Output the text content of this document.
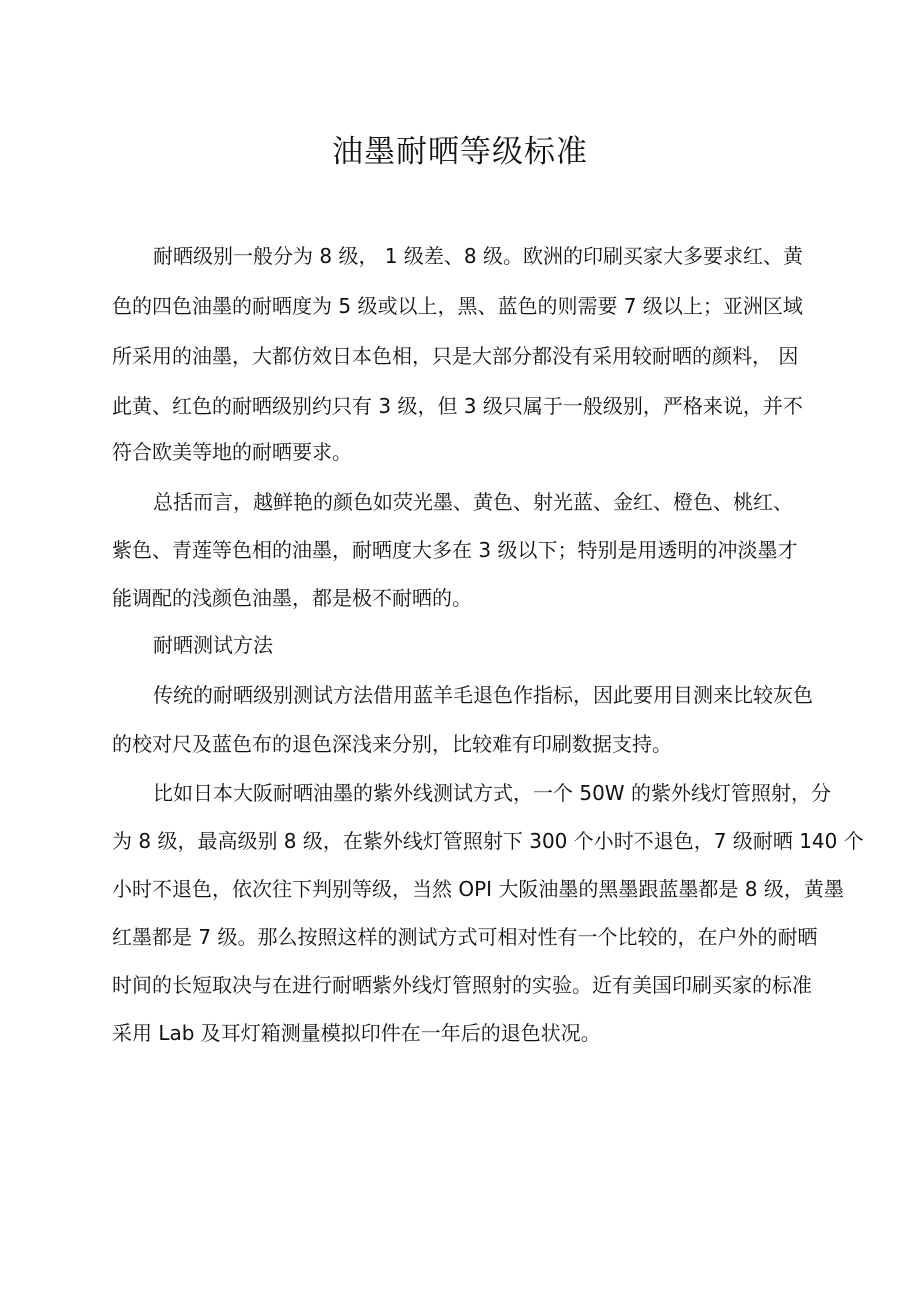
油墨耐晒等级标准

耐晒级别一般分为 8 级， 1 级差、8 级。欧洲的印刷买家大多要求红、黄

色的四色油墨的耐晒度为 5 级或以上，黑、蓝色的则需要 7 级以上；亚洲区域

所采用的油墨，大都仿效日本色相，只是大部分都没有采用较耐晒的颜料， 因

此黄、红色的耐晒级别约只有 3 级，但 3 级只属于一般级别，严格来说，并不

符合欧美等地的耐晒要求。

总括而言，越鲜艳的颜色如荧光墨、黄色、射光蓝、金红、橙色、桃红、

紫色、青莲等色相的油墨，耐晒度大多在 3 级以下；特别是用透明的冲淡墨才

能调配的浅颜色油墨，都是极不耐晒的。

耐晒测试方法

传统的耐晒级别测试方法借用蓝羊毛退色作指标，因此要用目测来比较灰色

的校对尺及蓝色布的退色深浅来分别，比较难有印刷数据支持。

比如日本大阪耐晒油墨的紫外线测试方式，一个 50W 的紫外线灯管照射，分

为 8 级，最高级别 8 级，在紫外线灯管照射下 300 个小时不退色，7 级耐晒 140 个

小时不退色，依次往下判别等级，当然 OPI 大阪油墨的黑墨跟蓝墨都是 8 级，黄墨

红墨都是 7 级。那么按照这样的测试方式可相对性有一个比较的，在户外的耐晒

时间的长短取决与在进行耐晒紫外线灯管照射的实验。近有美国印刷买家的标准

采用 Lab 及耳灯箱测量模拟印件在一年后的退色状况。
